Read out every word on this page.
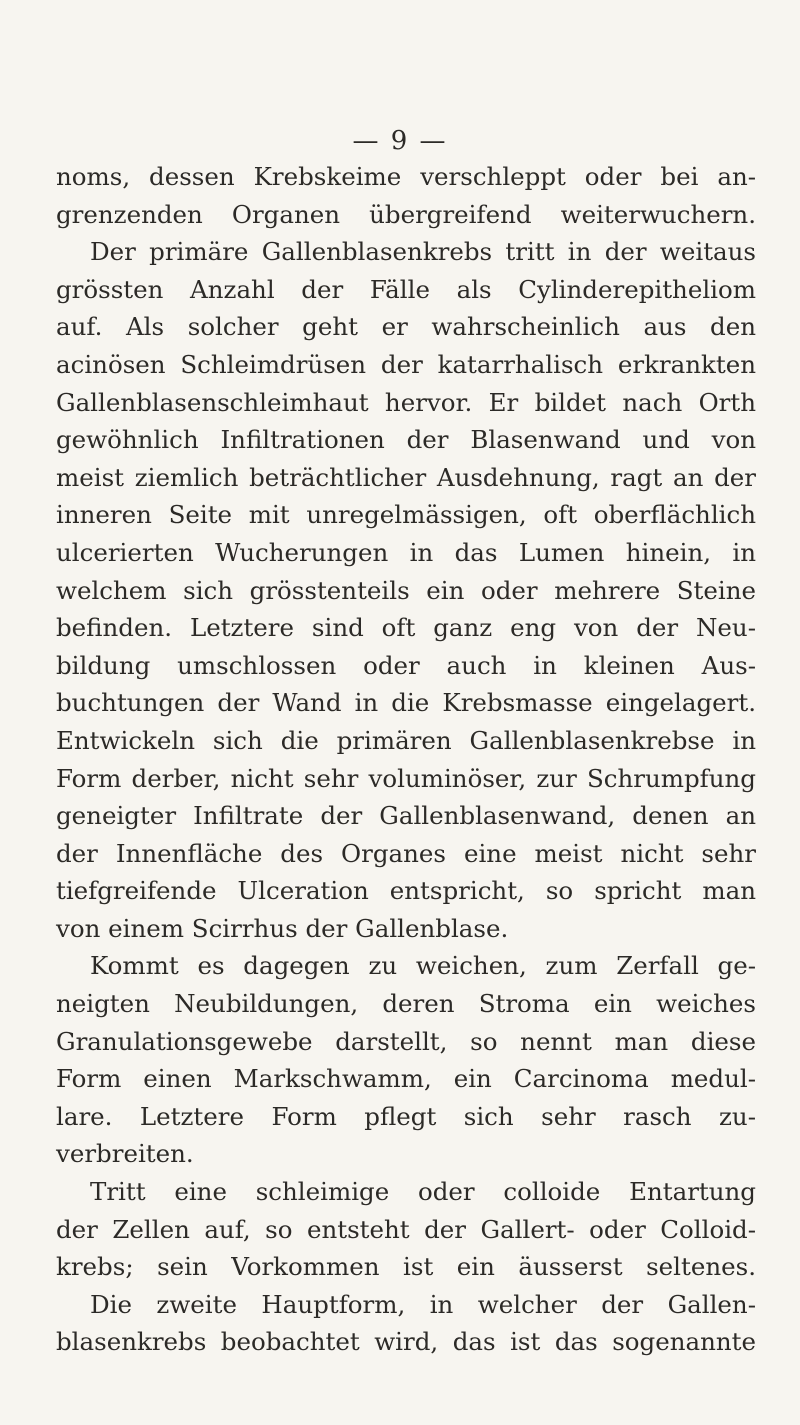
— 9 —
noms, dessen Krebskeime verschleppt oder bei an-
grenzenden Organen übergreifend weiterwuchern.
Der primäre Gallenblasenkrebs tritt in der weitaus
grössten Anzahl der Fälle als Cylinderepitheliom
auf. Als solcher geht er wahrscheinlich aus den
acinösen Schleimdrüsen der katarrhalisch erkrankten
Gallenblasenschleimhaut hervor. Er bildet nach Orth
gewöhnlich Infiltrationen der Blasenwand und von
meist ziemlich beträchtlicher Ausdehnung, ragt an der
inneren Seite mit unregelmässigen, oft oberflächlich
ulcerierten Wucherungen in das Lumen hinein, in
welchem sich grösstenteils ein oder mehrere Steine
befinden. Letztere sind oft ganz eng von der Neu-
bildung umschlossen oder auch in kleinen Aus-
buchtungen der Wand in die Krebsmasse eingelagert.
Entwickeln sich die primären Gallenblasenkrebse in
Form derber, nicht sehr voluminöser, zur Schrumpfung
geneigter Infiltrate der Gallenblasenwand, denen an
der Innenfläche des Organes eine meist nicht sehr
tiefgreifende Ulceration entspricht, so spricht man
von einem Scirrhus der Gallenblase.
Kommt es dagegen zu weichen, zum Zerfall ge-
neigten Neubildungen, deren Stroma ein weiches
Granulationsgewebe darstellt, so nennt man diese
Form einen Markschwamm, ein Carcinoma medul-
lare. Letztere Form pflegt sich sehr rasch zu-
verbreiten.
Tritt eine schleimige oder colloide Entartung
der Zellen auf, so entsteht der Gallert- oder Colloid-
krebs; sein Vorkommen ist ein äusserst seltenes.
Die zweite Hauptform, in welcher der Gallen-
blasenkrebs beobachtet wird, das ist das sogenannte
